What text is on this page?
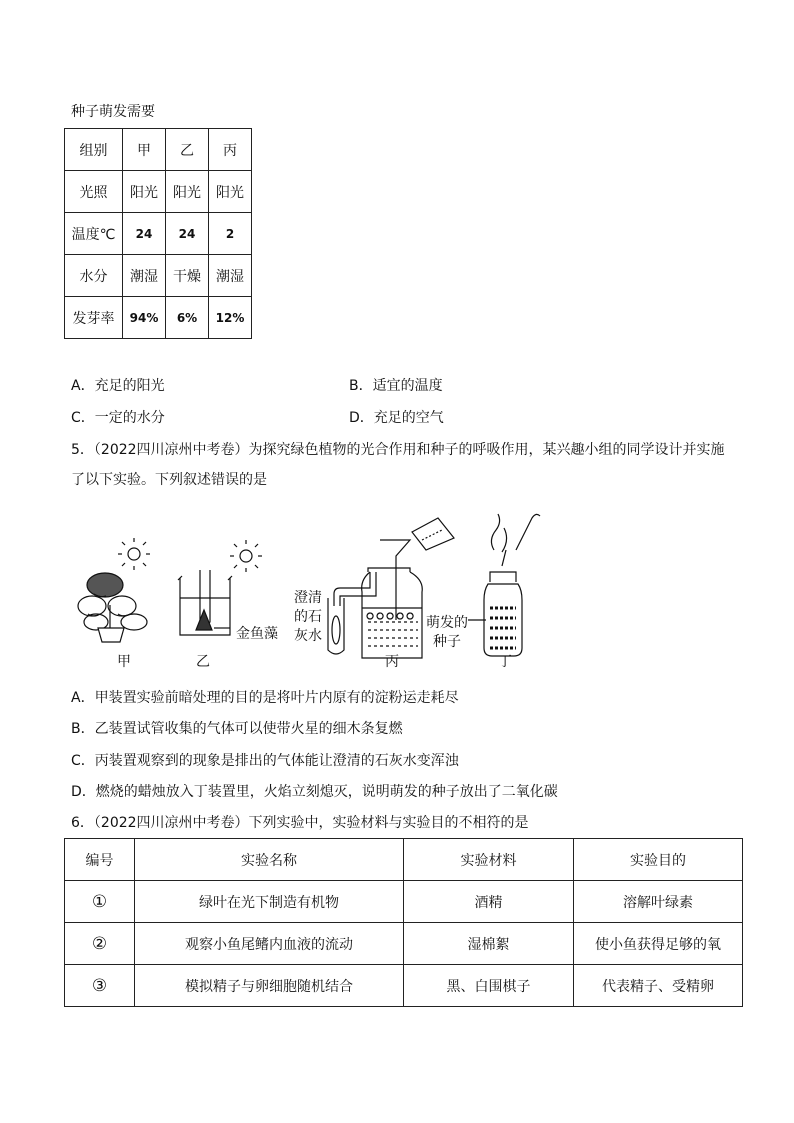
种子萌发需要
组别	甲	乙	丙
光照	阳光	阳光	阳光
温度℃	24	24	2
水分	潮湿	干燥	潮湿
发芽率	94%	6%	12%
A．充足的阳光	B．适宜的温度
C．一定的水分	D．充足的空气
5．（2022四川凉州中考卷）为探究绿色植物的光合作用和种子的呼吸作用，某兴趣小组的同学设计并实施
了以下实验。下列叙述错误的是
甲	乙	丙	丁
金鱼藻
澄清
的石
灰水
萌发的
种子
A．甲装置实验前暗处理的目的是将叶片内原有的淀粉运走耗尽
B．乙装置试管收集的气体可以使带火星的细木条复燃
C．丙装置观察到的现象是排出的气体能让澄清的石灰水变浑浊
D．燃烧的蜡烛放入丁装置里，火焰立刻熄灭，说明萌发的种子放出了二氧化碳
6．（2022四川凉州中考卷）下列实验中，实验材料与实验目的不相符的是
编号	实验名称	实验材料	实验目的
①	绿叶在光下制造有机物	酒精	溶解叶绿素
②	观察小鱼尾鳍内血液的流动	湿棉絮	使小鱼获得足够的氧
③	模拟精子与卵细胞随机结合	黑、白围棋子	代表精子、受精卵
